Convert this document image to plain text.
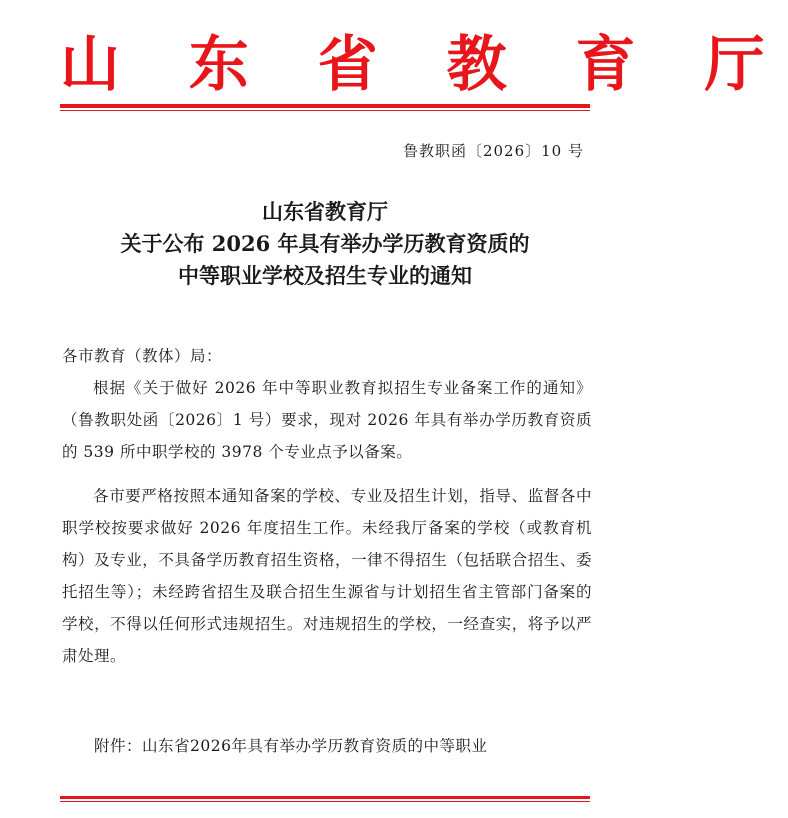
山 东 省 教 育 厅
鲁教职函〔2026〕10 号
山东省教育厅
关于公布 2026 年具有举办学历教育资质的
中等职业学校及招生专业的通知
各市教育（教体）局：
根据《关于做好 2026 年中等职业教育拟招生专业备案工作的通知》（鲁教职处函〔2026〕1 号）要求，现对 2026 年具有举办学历教育资质的 539 所中职学校的 3978 个专业点予以备案。
各市要严格按照本通知备案的学校、专业及招生计划，指导、监督各中职学校按要求做好 2026 年度招生工作。未经我厅备案的学校（或教育机构）及专业，不具备学历教育招生资格，一律不得招生（包括联合招生、委托招生等）；未经跨省招生及联合招生生源省与计划招生省主管部门备案的学校，不得以任何形式违规招生。对违规招生的学校，一经查实，将予以严肃处理。
附件：山东省2026年具有举办学历教育资质的中等职业
